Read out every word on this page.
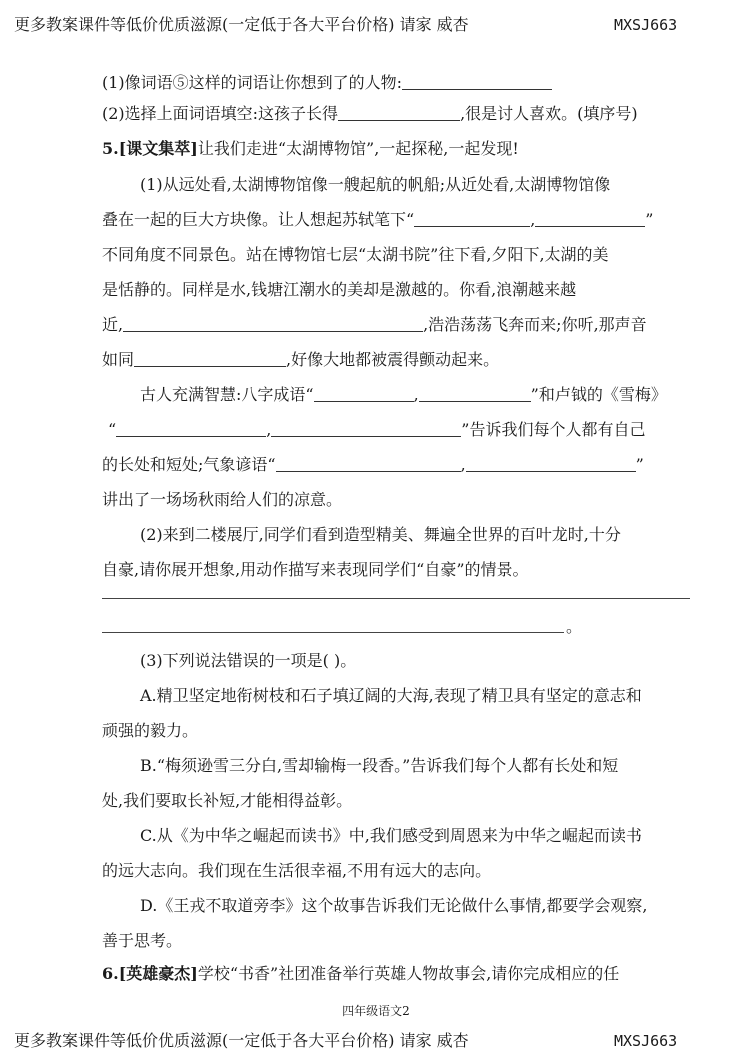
更多教案课件等低价优质滋源(一定低于各大平台价格) 请家 威杏	MXSJ663
(1)像词语⑤这样的词语让你想到了的人物:
(2)选择上面词语填空:这孩子长得	,很是讨人喜欢。(填序号)
5.[课文集萃]让我们走进“太湖博物馆”,一起探秘,一起发现!
(1)从远处看,太湖博物馆像一艘起航的帆船;从近处看,太湖博物馆像
叠在一起的巨大方块像。让人想起苏轼笔下“	,	”
不同角度不同景色。站在博物馆七层“太湖书院”往下看,夕阳下,太湖的美
是恬静的。同样是水,钱塘江潮水的美却是激越的。你看,浪潮越来越
近,	,浩浩荡荡飞奔而来;你听,那声音
如同	,好像大地都被震得颤动起来。
古人充满智慧:八字成语“	,	”和卢钺的《雪梅》
“	,	”告诉我们每个人都有自己
的长处和短处;气象谚语“	,	”
讲出了一场场秋雨给人们的凉意。
(2)来到二楼展厅,同学们看到造型精美、舞遍全世界的百叶龙时,十分
自豪,请你展开想象,用动作描写来表现同学们“自豪”的情景。
。
(3)下列说法错误的一项是( )。
A.精卫坚定地衔树枝和石子填辽阔的大海,表现了精卫具有坚定的意志和
顽强的毅力。
B.“梅须逊雪三分白,雪却输梅一段香。”告诉我们每个人都有长处和短
处,我们要取长补短,才能相得益彰。
C.从《为中华之崛起而读书》中,我们感受到周恩来为中华之崛起而读书
的远大志向。我们现在生活很幸福,不用有远大的志向。
D.《王戎不取道旁李》这个故事告诉我们无论做什么事情,都要学会观察,
善于思考。
6.[英雄豪杰]学校“书香”社团准备举行英雄人物故事会,请你完成相应的任
四年级语文2
更多教案课件等低价优质滋源(一定低于各大平台价格) 请家 威杏	MXSJ663
